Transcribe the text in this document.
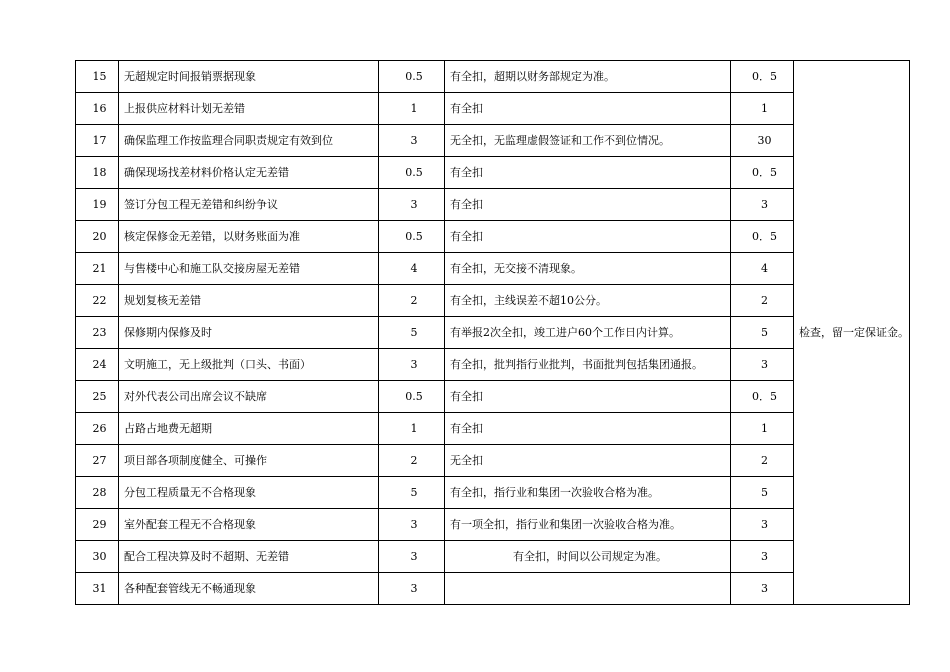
15	无超规定时间报销票据现象	0.5	有全扣，超期以财务部规定为准。	0．5	检查，留一定保证金。
16	上报供应材料计划无差错	1	有全扣	1	
17	确保监理工作按监理合同职责规定有效到位	3	无全扣，无监理虚假签证和工作不到位情况。	30	
18	确保现场找差材料价格认定无差错	0.5	有全扣	0．5	
19	签订分包工程无差错和纠纷争议	3	有全扣	3	
20	核定保修金无差错，以财务账面为准	0.5	有全扣	0．5	
21	与售楼中心和施工队交接房屋无差错	4	有全扣，无交接不清现象。	4	
22	规划复核无差错	2	有全扣，主线误差不超10公分。	2	
23	保修期内保修及时	5	有举报2次全扣，竣工进户60个工作日内计算。	5	
24	文明施工，无上级批判（口头、书面）	3	有全扣，批判指行业批判，书面批判包括集团通报。	3	
25	对外代表公司出席会议不缺席	0.5	有全扣	0．5	
26	占路占地费无超期	1	有全扣	1	
27	项目部各项制度健全、可操作	2	无全扣	2	
28	分包工程质量无不合格现象	5	有全扣，指行业和集团一次验收合格为准。	5	
29	室外配套工程无不合格现象	3	有一项全扣，指行业和集团一次验收合格为准。	3	
30	配合工程决算及时不超期、无差错	3	有全扣，时间以公司规定为准。	3	
31	各种配套管线无不畅通现象	3		3	
